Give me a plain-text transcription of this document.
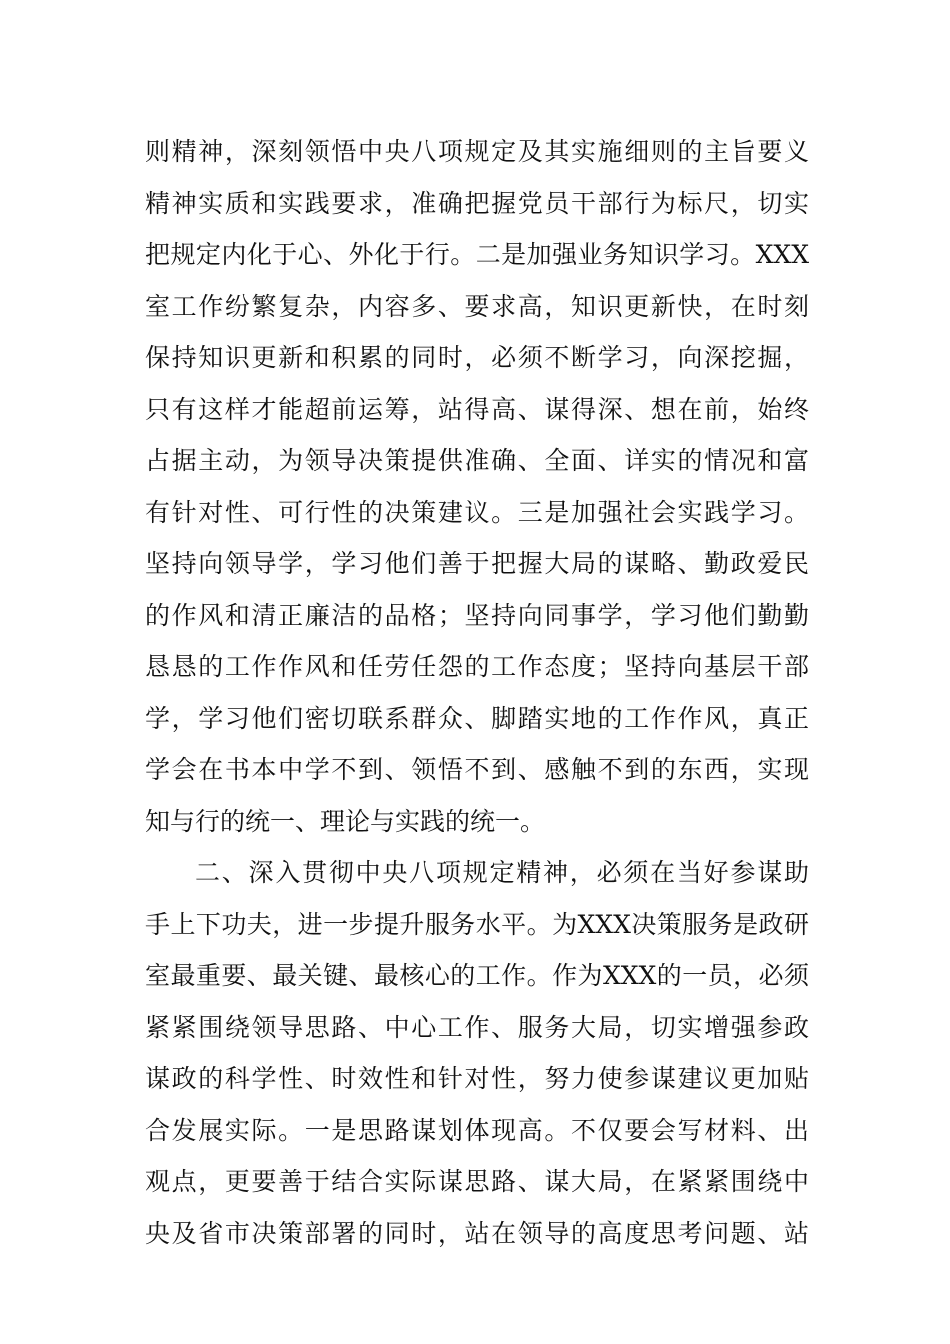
则精神，深刻领悟中央八项规定及其实施细则的主旨要义
精神实质和实践要求，准确把握党员干部行为标尺，切实
把规定内化于心、外化于行。二是加强业务知识学习。XXX
室工作纷繁复杂，内容多、要求高，知识更新快，在时刻
保持知识更新和积累的同时，必须不断学习，向深挖掘，
只有这样才能超前运筹，站得高、谋得深、想在前，始终
占据主动，为领导决策提供准确、全面、详实的情况和富
有针对性、可行性的决策建议。三是加强社会实践学习。
坚持向领导学，学习他们善于把握大局的谋略、勤政爱民
的作风和清正廉洁的品格；坚持向同事学，学习他们勤勤
恳恳的工作作风和任劳任怨的工作态度；坚持向基层干部
学，学习他们密切联系群众、脚踏实地的工作作风，真正
学会在书本中学不到、领悟不到、感触不到的东西，实现
知与行的统一、理论与实践的统一。
二、深入贯彻中央八项规定精神，必须在当好参谋助
手上下功夫，进一步提升服务水平。为XXX决策服务是政研
室最重要、最关键、最核心的工作。作为XXX的一员，必须
紧紧围绕领导思路、中心工作、服务大局，切实增强参政
谋政的科学性、时效性和针对性，努力使参谋建议更加贴
合发展实际。一是思路谋划体现高。不仅要会写材料、出
观点，更要善于结合实际谋思路、谋大局，在紧紧围绕中
央及省市决策部署的同时，站在领导的高度思考问题、站
